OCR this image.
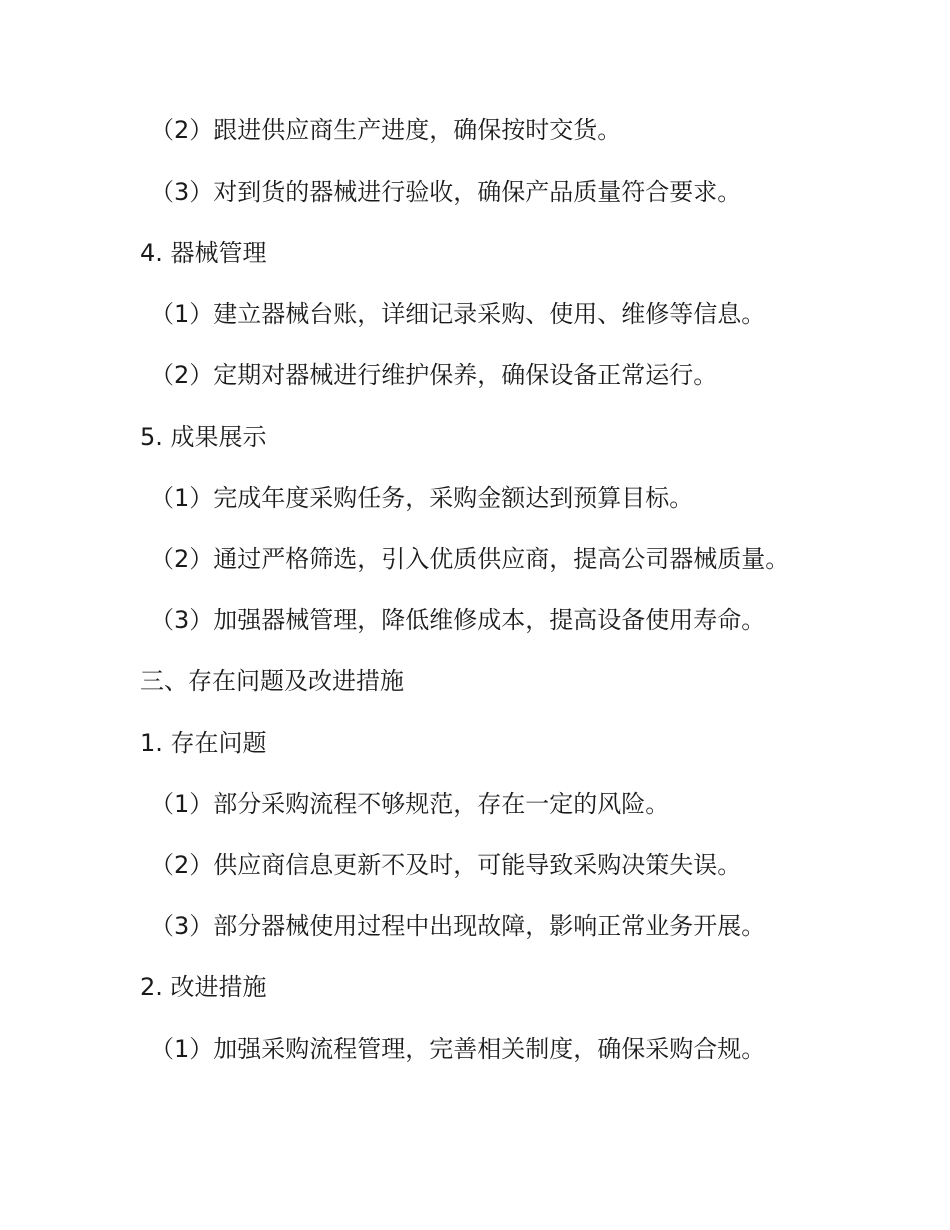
（2）跟进供应商生产进度，确保按时交货。
（3）对到货的器械进行验收，确保产品质量符合要求。
4. 器械管理
（1）建立器械台账，详细记录采购、使用、维修等信息。
（2）定期对器械进行维护保养，确保设备正常运行。
5. 成果展示
（1）完成年度采购任务，采购金额达到预算目标。
（2）通过严格筛选，引入优质供应商，提高公司器械质量。
（3）加强器械管理，降低维修成本，提高设备使用寿命。
三、存在问题及改进措施
1. 存在问题
（1）部分采购流程不够规范，存在一定的风险。
（2）供应商信息更新不及时，可能导致采购决策失误。
（3）部分器械使用过程中出现故障，影响正常业务开展。
2. 改进措施
（1）加强采购流程管理，完善相关制度，确保采购合规。
